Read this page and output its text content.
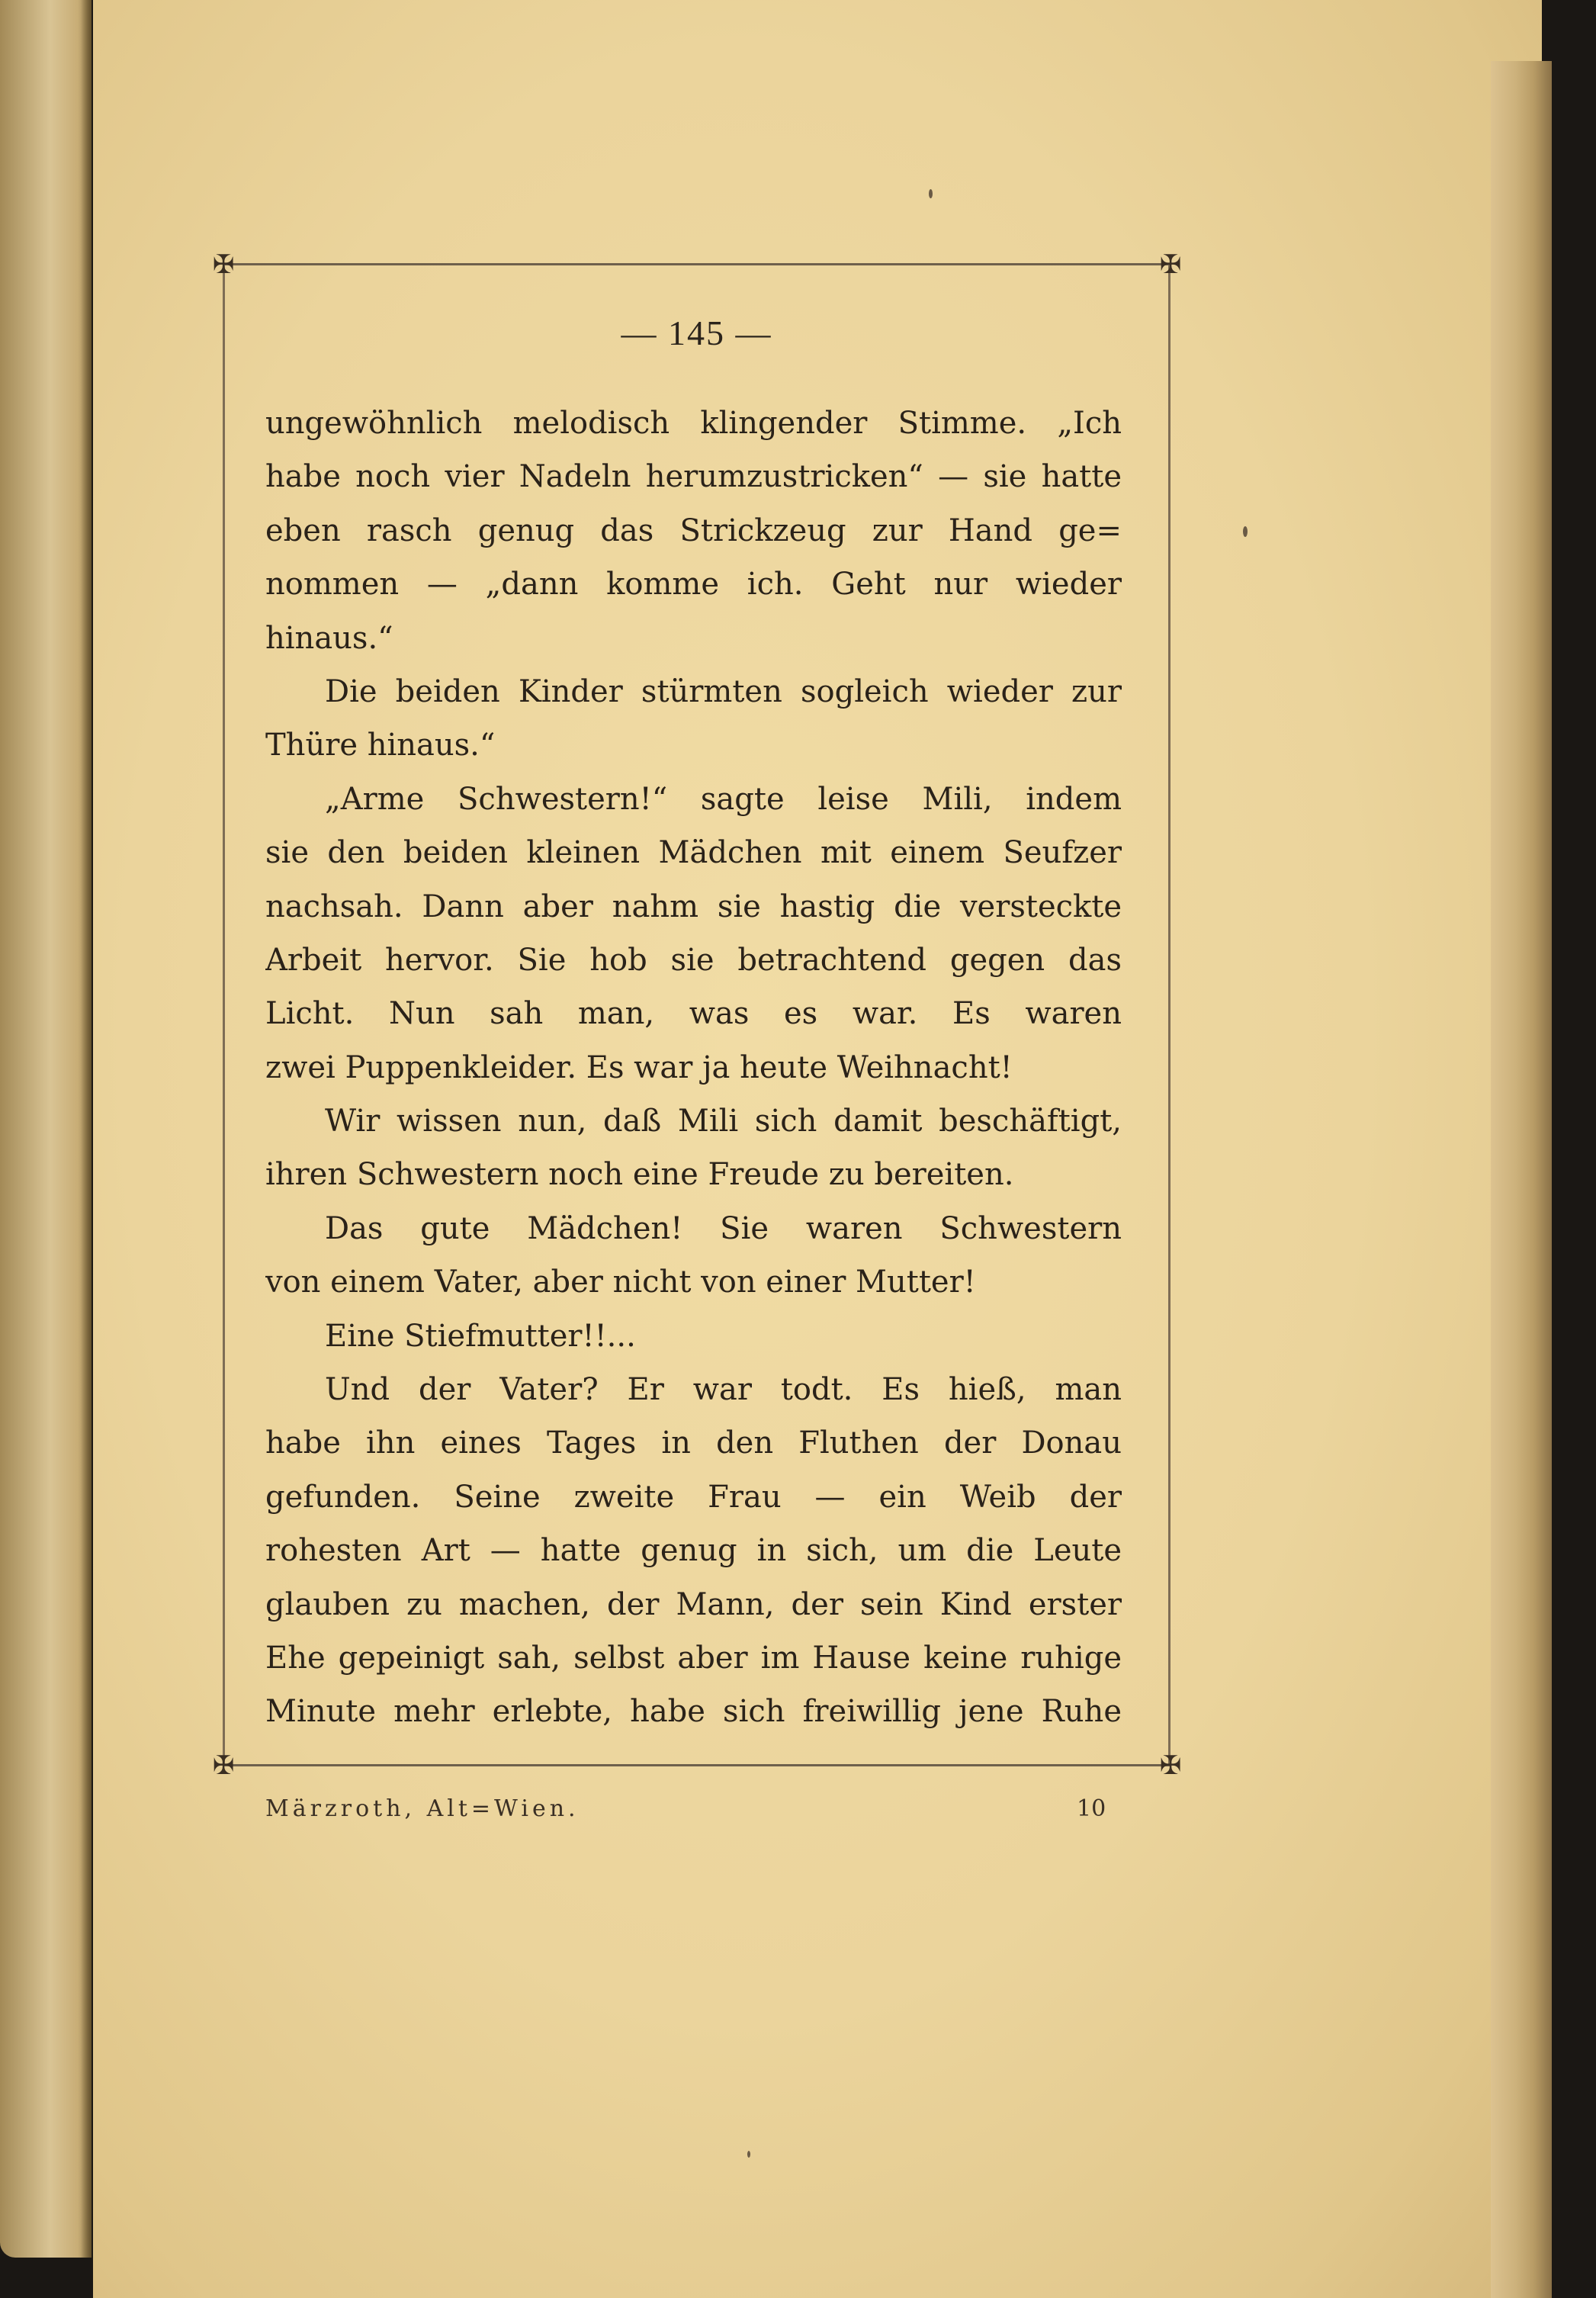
✠	✠
✠	✠
— 145 —
ungewöhnlich melodisch klingender Stimme. „Ich
habe noch vier Nadeln herumzustricken“ — sie hatte
eben rasch genug das Strickzeug zur Hand ge=
nommen — „dann komme ich. Geht nur wieder
hinaus.“
Die beiden Kinder stürmten sogleich wieder zur
Thüre hinaus.“
„Arme Schwestern!“ sagte leise Mili, indem
sie den beiden kleinen Mädchen mit einem Seufzer
nachsah. Dann aber nahm sie hastig die versteckte
Arbeit hervor. Sie hob sie betrachtend gegen das
Licht. Nun sah man, was es war. Es waren
zwei Puppenkleider. Es war ja heute Weihnacht!
Wir wissen nun, daß Mili sich damit beschäftigt,
ihren Schwestern noch eine Freude zu bereiten.
Das gute Mädchen! Sie waren Schwestern
von einem Vater, aber nicht von einer Mutter!
Eine Stiefmutter!!...
Und der Vater? Er war todt. Es hieß, man
habe ihn eines Tages in den Fluthen der Donau
gefunden. Seine zweite Frau — ein Weib der
rohesten Art — hatte genug in sich, um die Leute
glauben zu machen, der Mann, der sein Kind erster
Ehe gepeinigt sah, selbst aber im Hause keine ruhige
Minute mehr erlebte, habe sich freiwillig jene Ruhe
Märzroth, Alt=Wien.	10
